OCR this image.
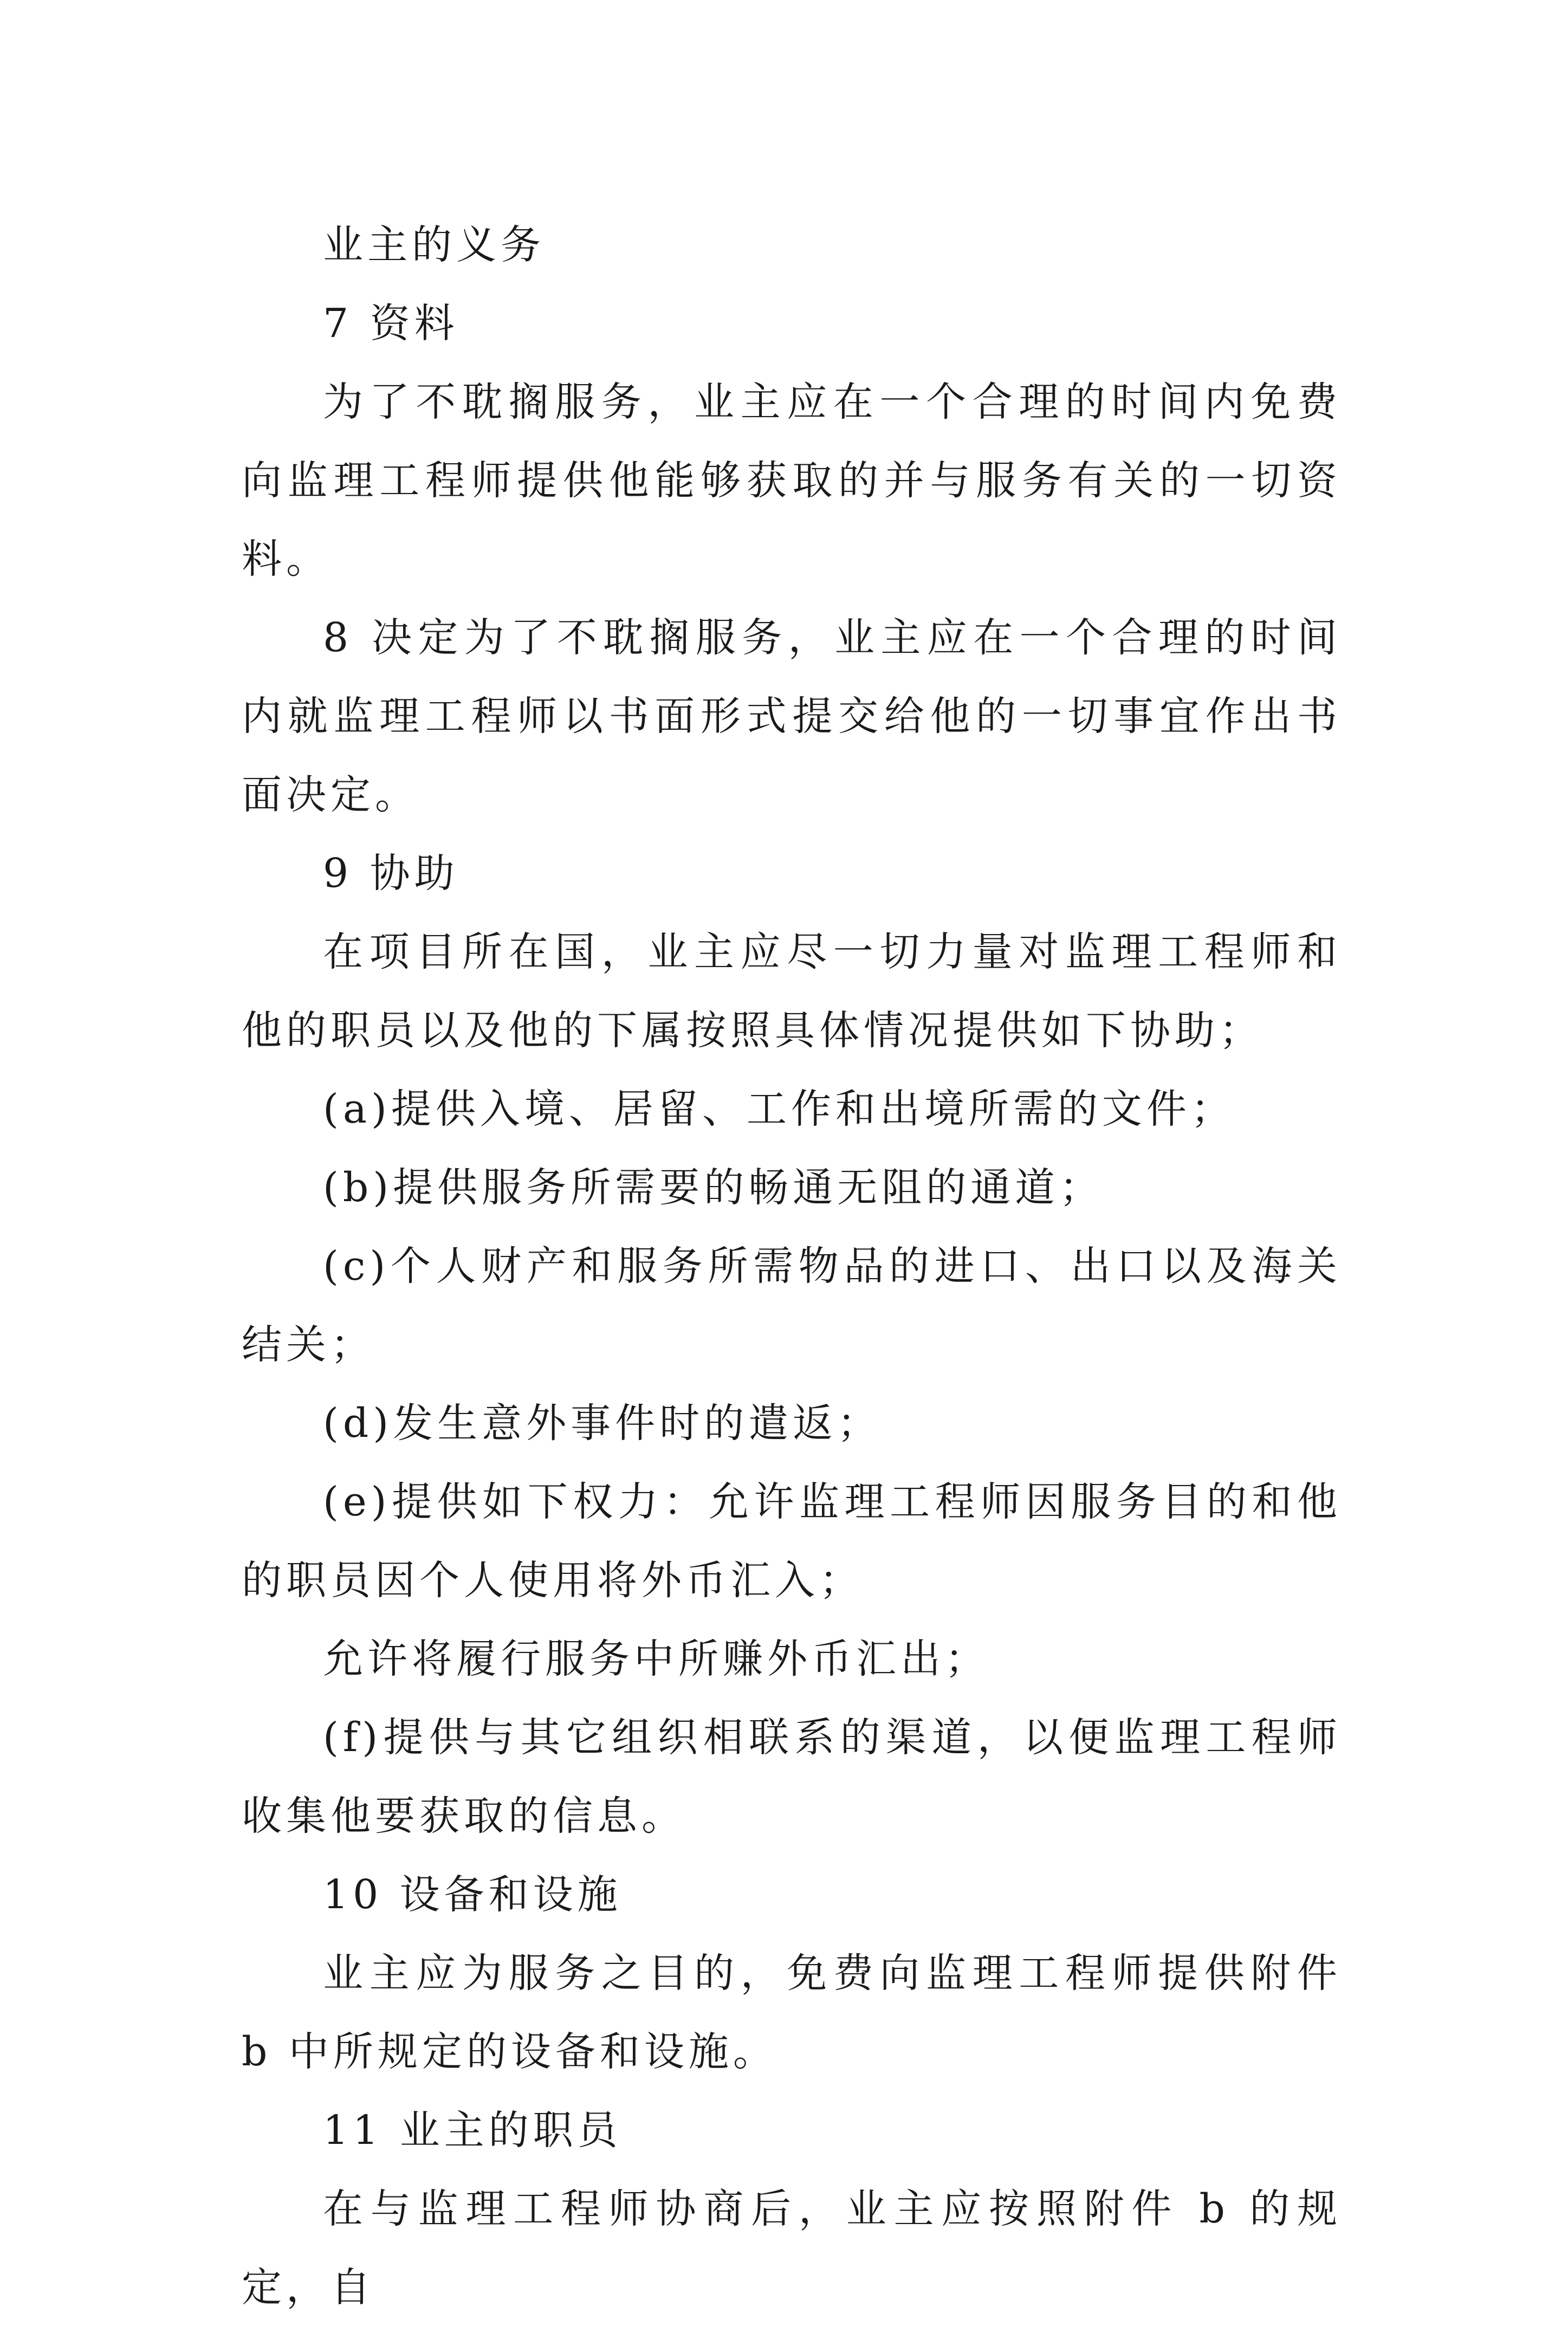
业主的义务

7 资料

为了不耽搁服务，业主应在一个合理的时间内免费向监理工程师提供他能够获取的并与服务有关的一切资料。

8 决定为了不耽搁服务，业主应在一个合理的时间内就监理工程师以书面形式提交给他的一切事宜作出书面决定。

9 协助

在项目所在国，业主应尽一切力量对监理工程师和他的职员以及他的下属按照具体情况提供如下协助；

(a)提供入境、居留、工作和出境所需的文件；

(b)提供服务所需要的畅通无阻的通道；

(c)个人财产和服务所需物品的进口、出口以及海关结关；

(d)发生意外事件时的遣返；

(e)提供如下权力：允许监理工程师因服务目的和他的职员因个人使用将外币汇入；

允许将履行服务中所赚外币汇出；

(f)提供与其它组织相联系的渠道，以便监理工程师收集他要获取的信息。

10 设备和设施

业主应为服务之目的，免费向监理工程师提供附件 b 中所规定的设备和设施。

11 业主的职员

在与监理工程师协商后，业主应按照附件 b 的规定，自
